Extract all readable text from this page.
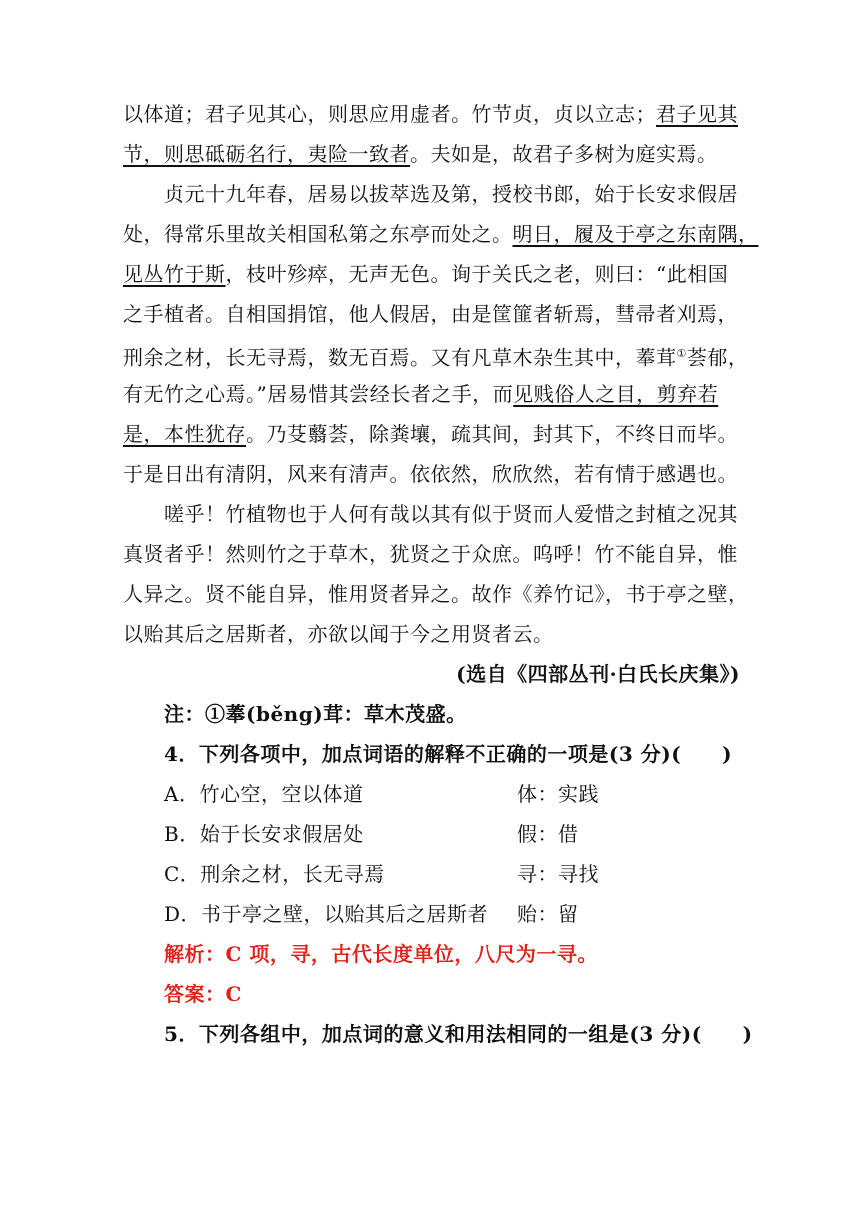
以体道；君子见其心，则思应用虚者。竹节贞，贞以立志；君子见其
节，则思砥砺名行，夷险一致者。夫如是，故君子多树为庭实焉。
贞元十九年春，居易以拔萃选及第，授校书郎，始于长安求假居
处，得常乐里故关相国私第之东亭而处之。明日，履及于亭之东南隅，
见丛竹于斯，枝叶殄瘁，无声无色。询于关氏之老，则曰：“此相国
之手植者。自相国捐馆，他人假居，由是筐篚者斩焉，彗帚者刈焉，
刑余之材，长无寻焉，数无百焉。又有凡草木杂生其中，菶茸①荟郁，
有无竹之心焉。”居易惜其尝经长者之手，而见贱俗人之目，剪弃若
是，本性犹存。乃芟蘙荟，除粪壤，疏其间，封其下，不终日而毕。
于是日出有清阴，风来有清声。依依然，欣欣然，若有情于感遇也。
嗟乎！竹植物也于人何有哉以其有似于贤而人爱惜之封植之况其
真贤者乎！然则竹之于草木，犹贤之于众庶。呜呼！竹不能自异，惟
人异之。贤不能自异，惟用贤者异之。故作《养竹记》，书于亭之壁，
以贻其后之居斯者，亦欲以闻于今之用贤者云。
(选自《四部丛刊·白氏长庆集》)
注：①菶(běng)茸：草木茂盛。
4．下列各项中，加点词语的解释不正确的一项是(3 分)(　　)
A．竹心空，空以体道	体：实践
B．始于长安求假居处	假：借
C．刑余之材，长无寻焉	寻：寻找
D．书于亭之壁，以贻其后之居斯者 贻：留
解析：C 项，寻，古代长度单位，八尺为一寻。
答案：C
5．下列各组中，加点词的意义和用法相同的一组是(3 分)(　　)
